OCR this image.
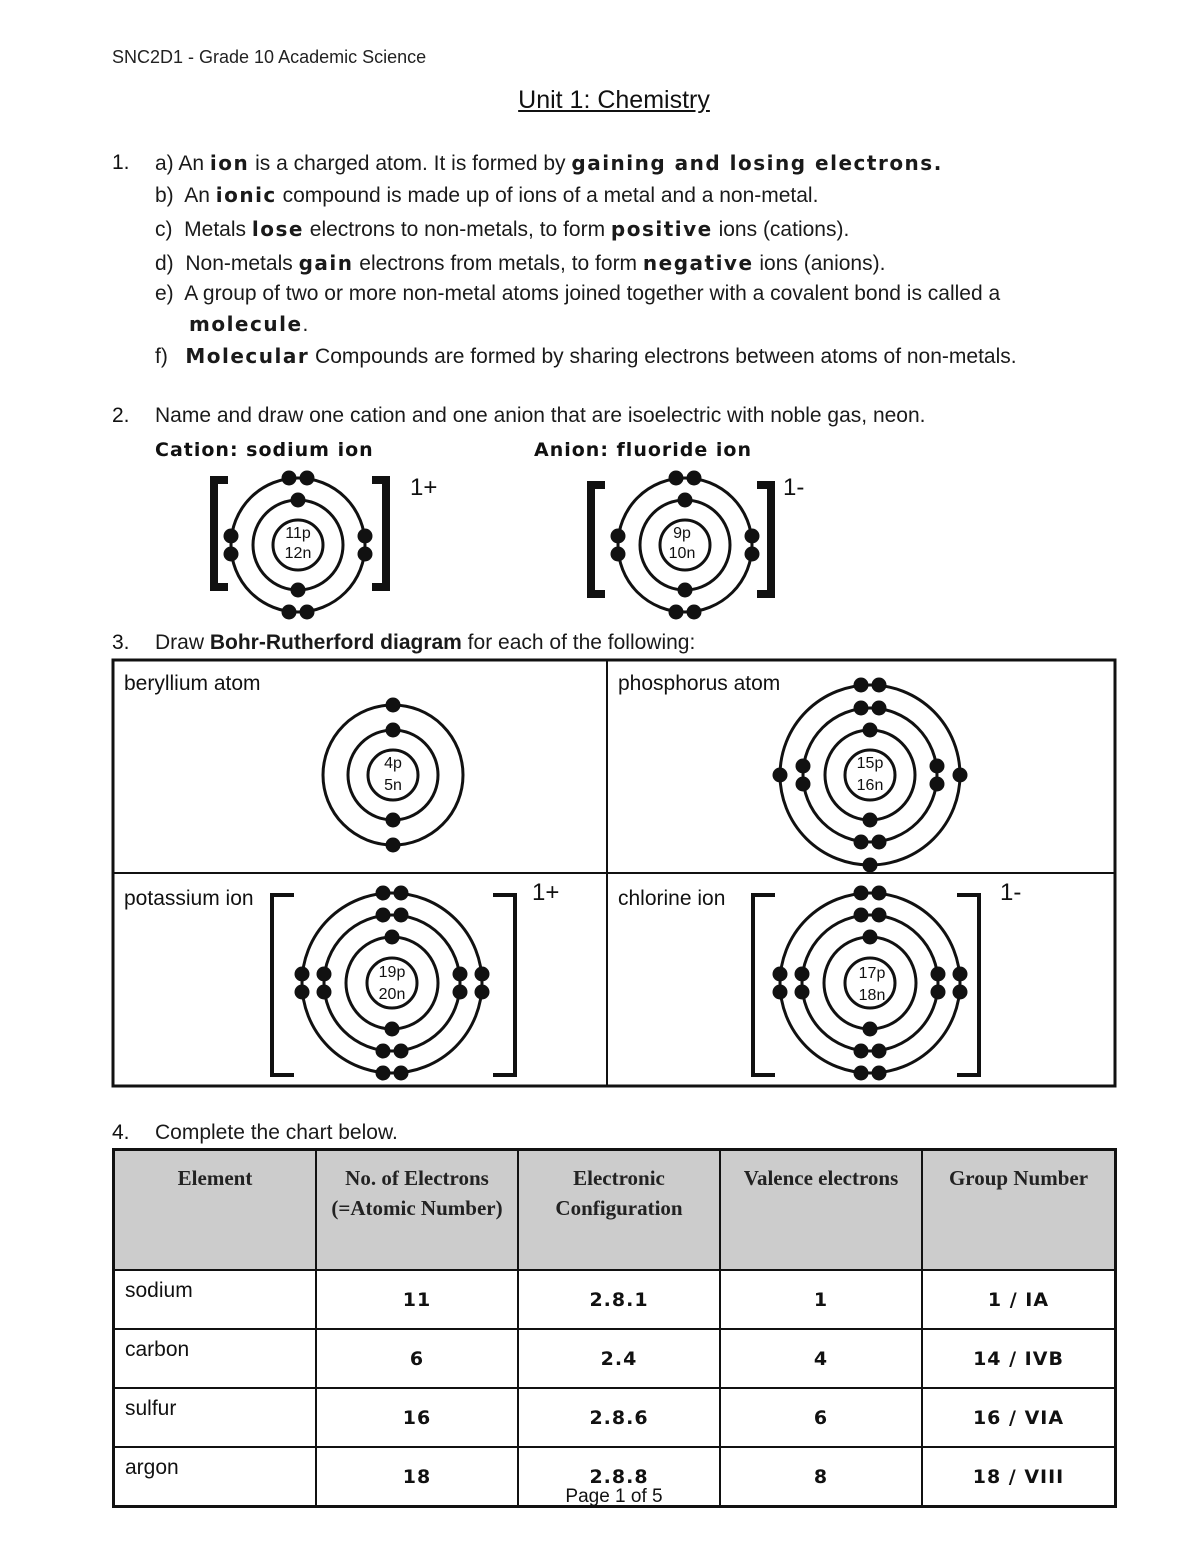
SNC2D1 - Grade 10 Academic Science
Unit 1: Chemistry
1. a) An ion is a charged atom. It is formed by gaining and losing electrons.
b) An ionic compound is made up of ions of a metal and a non-metal.
c) Metals lose electrons to non-metals, to form positive ions (cations).
d) Non-metals gain electrons from metals, to form negative ions (anions).
e) A group of two or more non-metal atoms joined together with a covalent bond is called a
molecule.
f) Molecular Compounds are formed by sharing electrons between atoms of non-metals.
2. Name and draw one cation and one anion that are isoelectric with noble gas, neon.
Cation: sodium ion	Anion: fluoride ion
3. Draw Bohr-Rutherford diagram for each of the following:
beryllium atom	phosphorus atom
potassium ion	chlorine ion
11p
12n
1+
9p
10n
1-
4p
5n
15p
16n
19p
20n
1+
17p
18n
1-
4. Complete the chart below.
Element	No. of Electrons (=Atomic Number)	Electronic Configuration	Valence electrons	Group Number
sodium	11	2.8.1	1	1 / IA
carbon	6	2.4	4	14 / IVB
sulfur	16	2.8.6	6	16 / VIA
argon	18	2.8.8	8	18 / VIII
Page 1 of 5
